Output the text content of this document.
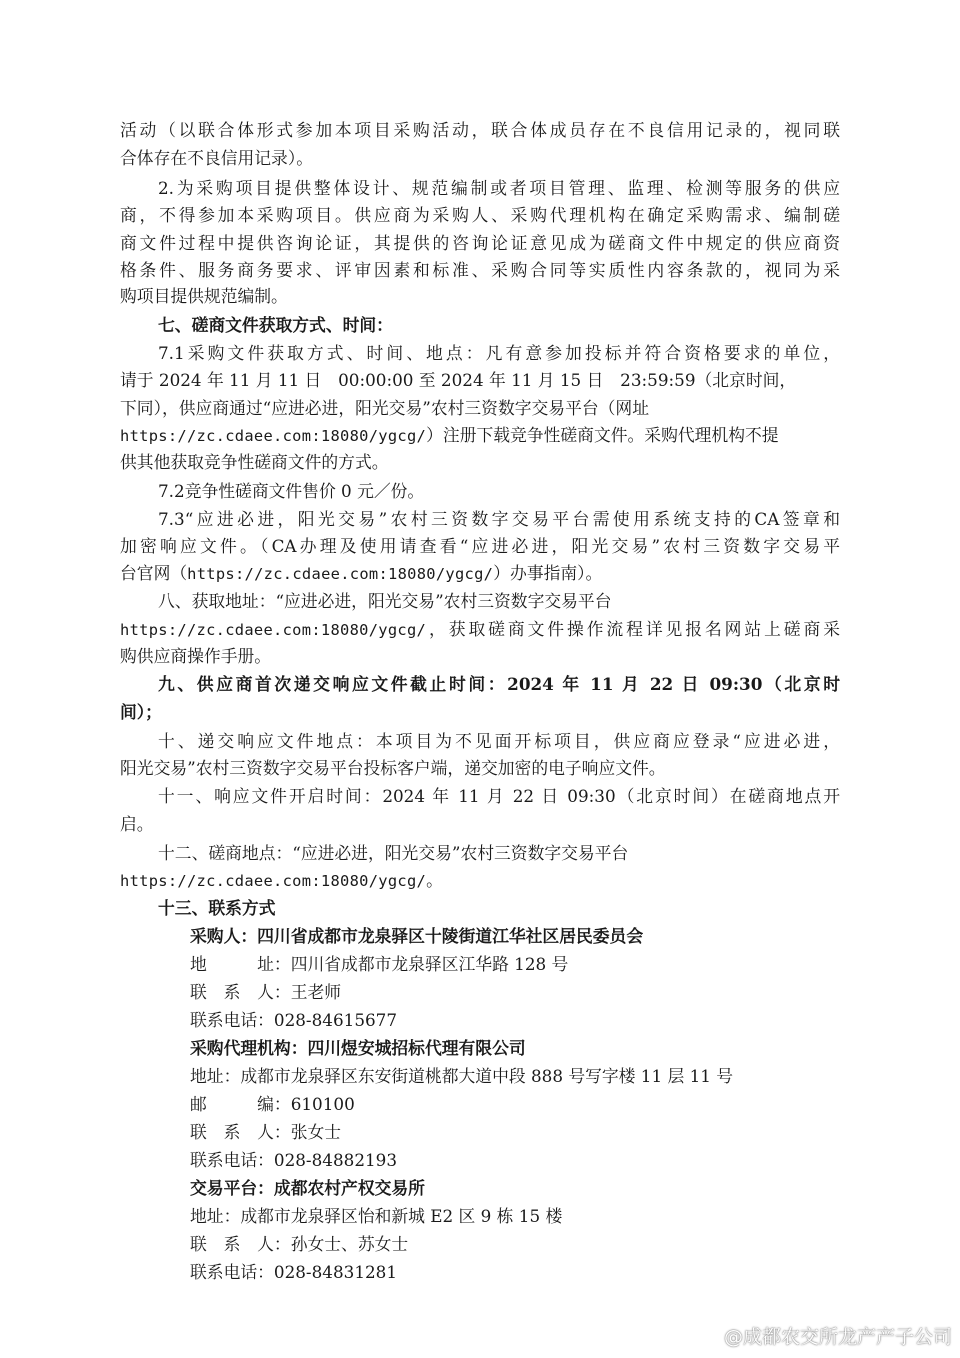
活动（以联合体形式参加本项目采购活动，联合体成员存在不良信用记录的，视同联
合体存在不良信用记录）。
2.为采购项目提供整体设计、规范编制或者项目管理、监理、检测等服务的供应
商，不得参加本采购项目。供应商为采购人、采购代理机构在确定采购需求、编制磋
商文件过程中提供咨询论证，其提供的咨询论证意见成为磋商文件中规定的供应商资
格条件、服务商务要求、评审因素和标准、采购合同等实质性内容条款的，视同为采
购项目提供规范编制。
七、磋商文件获取方式、时间：
7.1采购文件获取方式、时间、地点：凡有意参加投标并符合资格要求的单位，
请于 2024 年 11 月 11 日　00:00:00 至 2024 年 11 月 15 日　23:59:59（北京时间，
下同），供应商通过“应进必进，阳光交易”农村三资数字交易平台（网址
https://zc.cdaee.com:18080/ygcg/）注册下载竞争性磋商文件。采购代理机构不提
供其他获取竞争性磋商文件的方式。
7.2竞争性磋商文件售价 0 元／份。
7.3“应进必进，阳光交易”农村三资数字交易平台需使用系统支持的CA签章和
加密响应文件。（CA办理及使用请查看“应进必进，阳光交易”农村三资数字交易平
台官网（https://zc.cdaee.com:18080/ygcg/）办事指南）。
八、获取地址：“应进必进，阳光交易”农村三资数字交易平台
https://zc.cdaee.com:18080/ygcg/，获取磋商文件操作流程详见报名网站上磋商采
购供应商操作手册。
九、供应商首次递交响应文件截止时间：2024 年 11 月 22 日 09:30（北京时
间）；
十、递交响应文件地点：本项目为不见面开标项目，供应商应登录“应进必进，
阳光交易”农村三资数字交易平台投标客户端，递交加密的电子响应文件。
十一、响应文件开启时间：2024 年 11 月 22 日 09:30（北京时间）在磋商地点开
启。
十二、磋商地点：“应进必进，阳光交易”农村三资数字交易平台
https://zc.cdaee.com:18080/ygcg/。
十三、联系方式
采购人：四川省成都市龙泉驿区十陵街道江华社区居民委员会
地　　　址：四川省成都市龙泉驿区江华路 128 号
联　系　人：王老师
联系电话：028-84615677
采购代理机构：四川煜安城招标代理有限公司
地址：成都市龙泉驿区东安街道桃都大道中段 888 号写字楼 11 层 11 号
邮　　　编：610100
联　系　人：张女士
联系电话：028-84882193
交易平台：成都农村产权交易所
地址：成都市龙泉驿区怡和新城 E2 区 9 栋 15 楼
联　系　人：孙女士、苏女士
联系电话：028-84831281
@成都农交所龙产产子公司
